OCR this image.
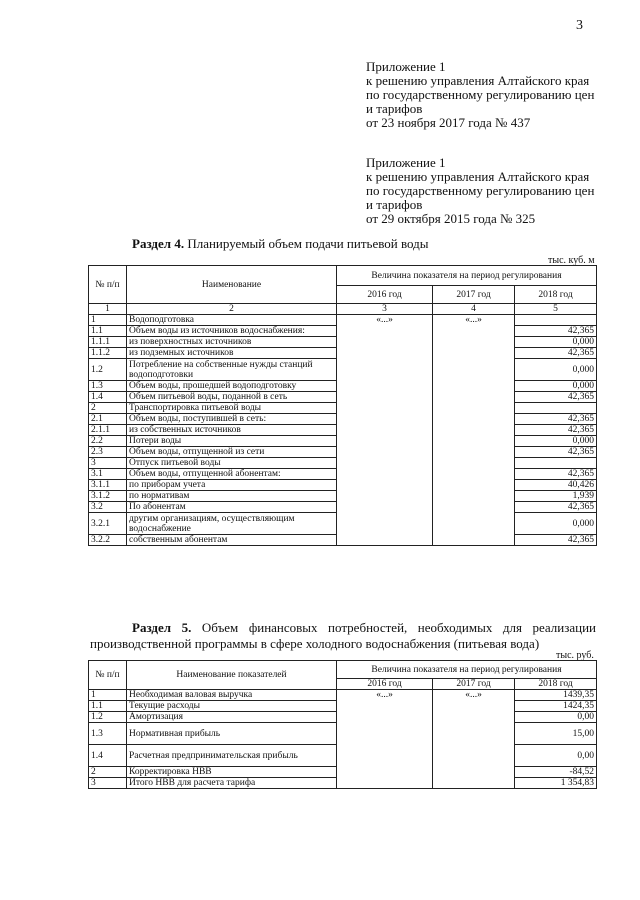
3
Приложение 1
к решению управления Алтайского края
по государственному регулированию цен
и тарифов
от 23 ноября 2017 года № 437
Приложение 1
к решению управления Алтайского края
по государственному регулированию цен
и тарифов
от 29 октября 2015 года № 325
Раздел 4. Планируемый объем подачи питьевой воды
тыс. куб. м
№ п/п	Наименование	Величина показателя на период регулирования		
		2016 год	2017 год	2018 год
1	2	3	4	5
1	Водоподготовка	«...»	«...»	
1.1	Объем воды из источников водоснабжения:			42,365
1.1.1	из поверхностных источников			0,000
1.1.2	из подземных источников			42,365
1.2	Потребление на собственные нужды станций водоподготовки			0,000
1.3	Объем воды, прошедшей водоподготовку			0,000
1.4	Объем питьевой воды, поданной в сеть			42,365
2	Транспортировка питьевой воды			
2.1	Объем воды, поступившей в сеть:			42,365
2.1.1	из собственных источников			42,365
2.2	Потери воды			0,000
2.3	Объем воды, отпущенной из сети			42,365
3	Отпуск питьевой воды			
3.1	Объем воды, отпущенной абонентам:			42,365
3.1.1	по приборам учета			40,426
3.1.2	по нормативам			1,939
3.2	По абонентам			42,365
3.2.1	другим организациям, осуществляющим водоснабжение			0,000
3.2.2	собственным абонентам			42,365
Раздел 5. Объем финансовых потребностей, необходимых для реализации производственной программы в сфере холодного водоснабжения (питьевая вода)
тыс. руб.
№ п/п	Наименование показателей	Величина показателя на период регулирования		
		2016 год	2017 год	2018 год
1	Необходимая валовая выручка	«...»	«...»	1439,35
1.1	Текущие расходы			1424,35
1.2	Амортизация			0,00
1.3	Нормативная прибыль			15,00
1.4	Расчетная предпринимательская прибыль			0,00
2	Корректировка НВВ			-84,52
3	Итого НВВ для расчета тарифа			1 354,83
